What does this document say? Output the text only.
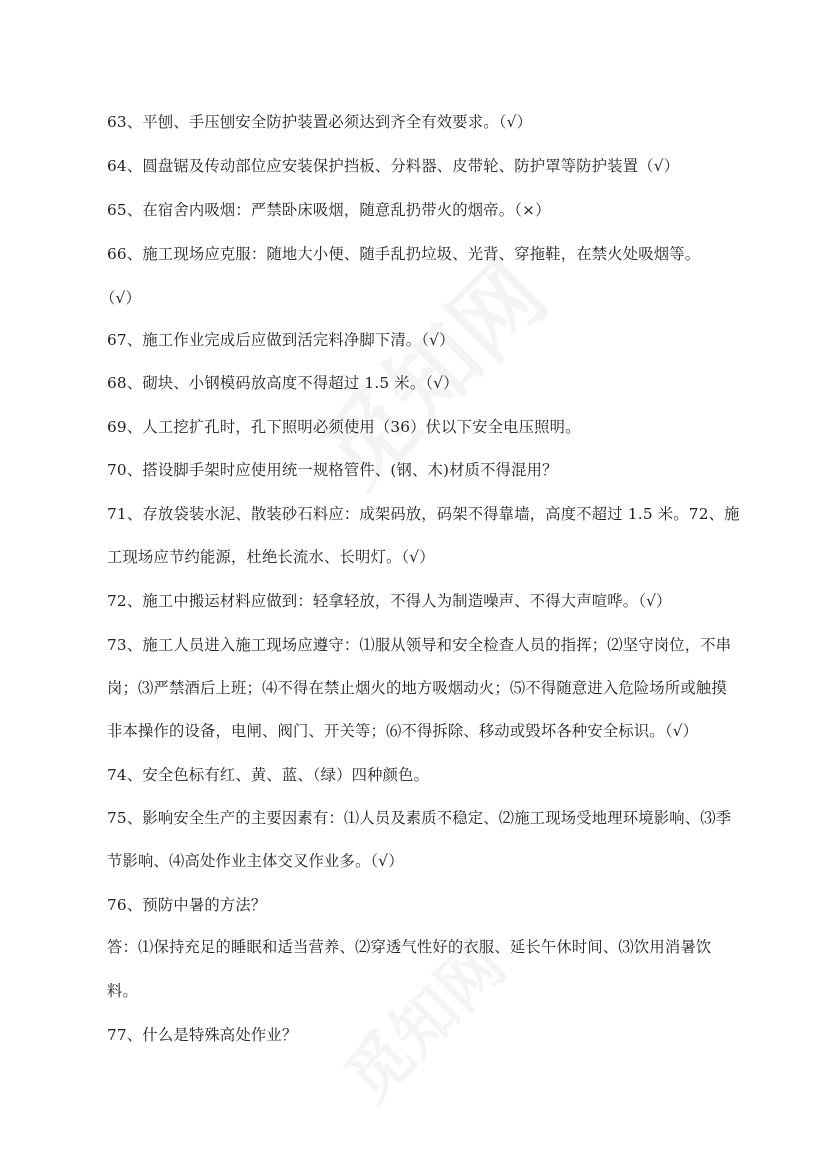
63、平刨、手压刨安全防护装置必须达到齐全有效要求。（√）
64、圆盘锯及传动部位应安装保护挡板、分料器、皮带轮、防护罩等防护装置（√）
65、在宿舍内吸烟：严禁卧床吸烟，随意乱扔带火的烟帝。（×）
66、施工现场应克服：随地大小便、随手乱扔垃圾、光背、穿拖鞋，在禁火处吸烟等。
（√）
67、施工作业完成后应做到活完料净脚下清。（√）
68、砌块、小钢模码放高度不得超过 1.5 米。（√）
69、人工挖扩孔时，孔下照明必须使用（36）伏以下安全电压照明。
70、搭设脚手架时应使用统一规格管件、(钢、木)材质不得混用？
71、存放袋装水泥、散装砂石料应：成架码放，码架不得靠墙，高度不超过 1.5 米。72、施
工现场应节约能源，杜绝长流水、长明灯。（√）
72、施工中搬运材料应做到：轻拿轻放，不得人为制造噪声、不得大声喧哗。（√）
73、施工人员进入施工现场应遵守：⑴服从领导和安全检查人员的指挥；⑵坚守岗位，不串
岗；⑶严禁酒后上班；⑷不得在禁止烟火的地方吸烟动火；⑸不得随意进入危险场所或触摸
非本操作的设备，电闸、阀门、开关等；⑹不得拆除、移动或毁坏各种安全标识。（√）
74、安全色标有红、黄、蓝、（绿）四种颜色。
75、影响安全生产的主要因素有：⑴人员及素质不稳定、⑵施工现场受地理环境影响、⑶季
节影响、⑷高处作业主体交叉作业多。（√）
76、预防中暑的方法？
答：⑴保持充足的睡眠和适当营养、⑵穿透气性好的衣服、延长午休时间、⑶饮用消暑饮
料。
77、什么是特殊高处作业？
